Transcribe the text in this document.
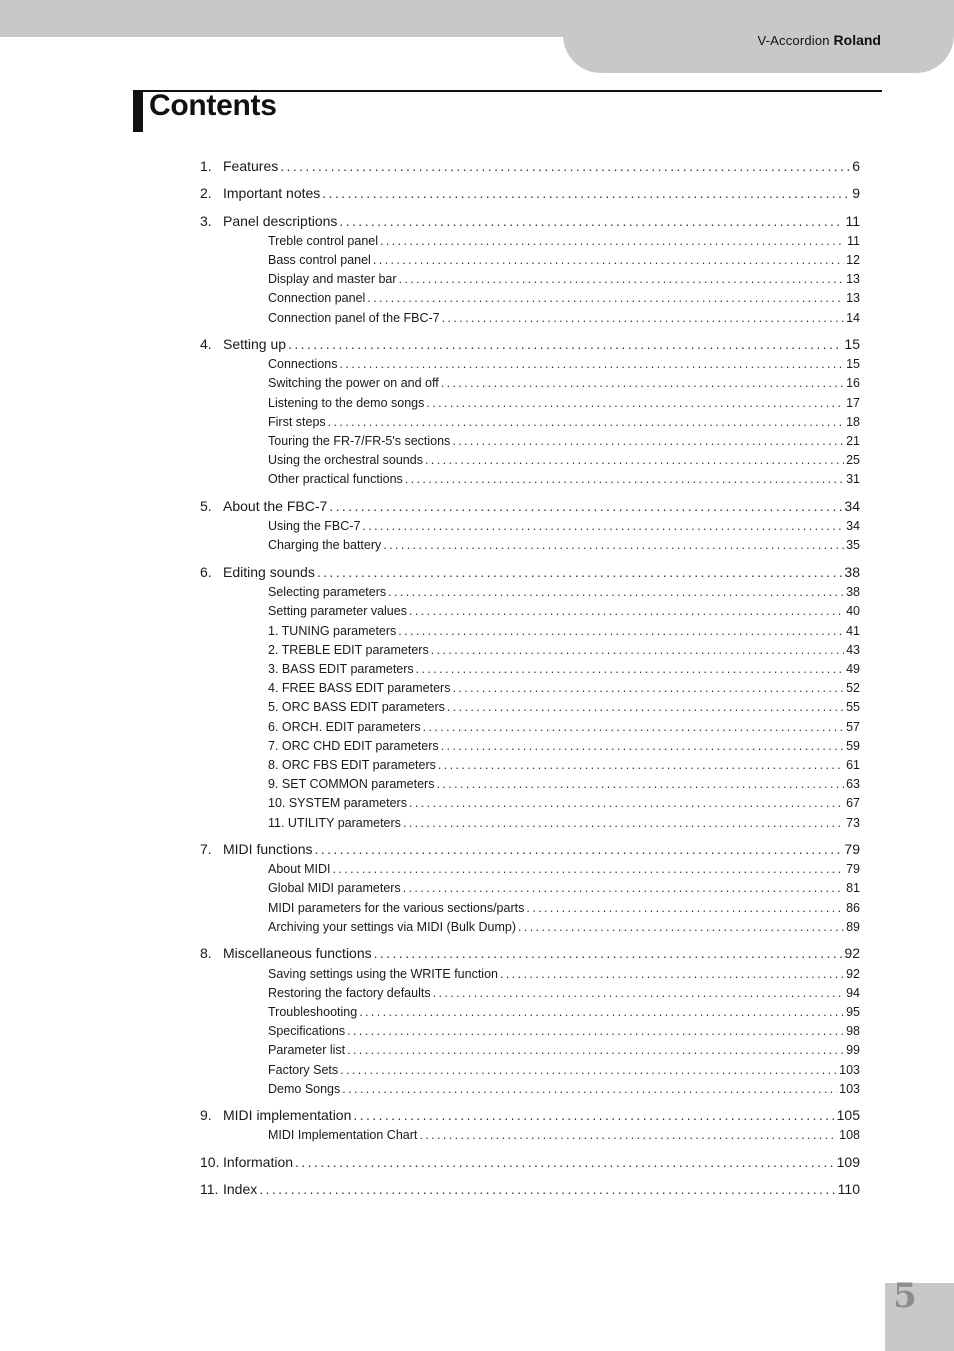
V-Accordion Roland
Contents
1. Features .....	6
2. Important notes .....	9
3. Panel descriptions .....	11
Treble control panel .....	11
Bass control panel .....	12
Display and master bar .....	13
Connection panel .....	13
Connection panel of the FBC-7 .....	14
4. Setting up .....	15
Connections .....	15
Switching the power on and off .....	16
Listening to the demo songs .....	17
First steps .....	18
Touring the FR-7/FR-5's sections .....	21
Using the orchestral sounds .....	25
Other practical functions .....	31
5. About the FBC-7 .....	34
Using the FBC-7 .....	34
Charging the battery .....	35
6. Editing sounds .....	38
Selecting parameters .....	38
Setting parameter values .....	40
1. TUNING parameters .....	41
2. TREBLE EDIT parameters .....	43
3. BASS EDIT parameters .....	49
4. FREE BASS EDIT parameters .....	52
5. ORC BASS EDIT parameters .....	55
6. ORCH. EDIT parameters .....	57
7. ORC CHD EDIT parameters .....	59
8. ORC FBS EDIT parameters .....	61
9. SET COMMON parameters .....	63
10. SYSTEM parameters .....	67
11. UTILITY parameters .....	73
7. MIDI functions .....	79
About MIDI .....	79
Global MIDI parameters .....	81
MIDI parameters for the various sections/parts .....	86
Archiving your settings via MIDI (Bulk Dump) .....	89
8. Miscellaneous functions .....	92
Saving settings using the WRITE function .....	92
Restoring the factory defaults .....	94
Troubleshooting .....	95
Specifications .....	98
Parameter list .....	99
Factory Sets .....	103
Demo Songs .....	103
9. MIDI implementation .....	105
MIDI Implementation Chart .....	108
10. Information .....	109
11. Index .....	110
5
